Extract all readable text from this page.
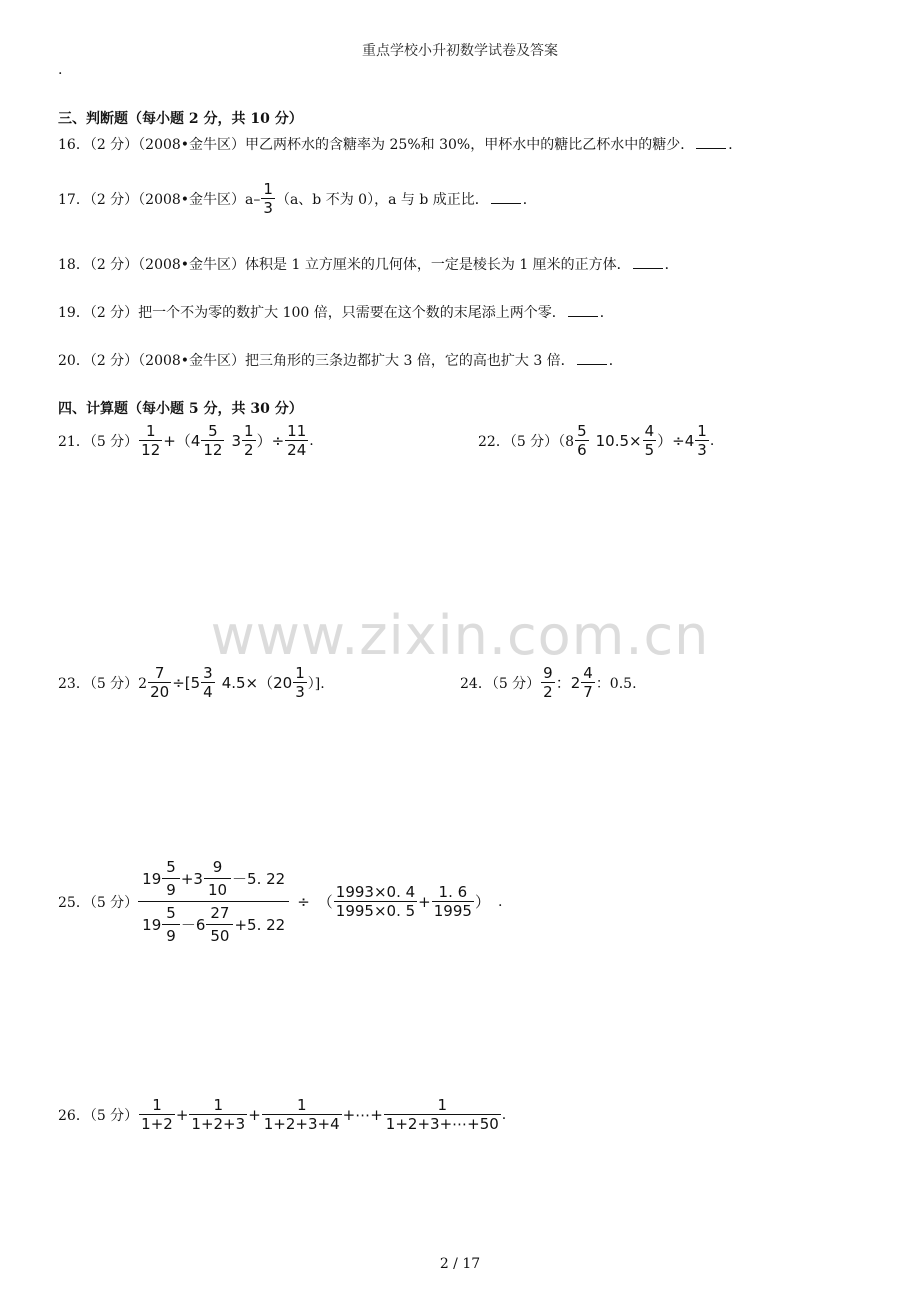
重点学校小升初数学试卷及答案
.
www.zixin.com.cn
三、判断题（每小题 2 分，共 10 分）
16．（2 分）（2008•金牛区）甲乙两杯水的含糖率为 25%和 30%，甲杯水中的糖比乙杯水中的糖少． ．
17．（2 分）（2008•金牛区）$a- \frac{1}{3} (a$、b 不为 0），a 与 b 成正比． ．
18．（2 分）（2008•金牛区）体积是 1 立方厘米的几何体，一定是棱长为 1 厘米的正方体． ．
19．（2 分）把一个不为零的数扩大 100 倍，只需要在这个数的末尾添上两个零． ．
20．（2 分）（2008•金牛区）把三角形的三条边都扩大 3 倍，它的高也扩大 3 倍． ．
四、计算题（每小题 5 分，共 30 分）
21．（5 分） $\frac{1}{12} +(4 \frac{5}{12} 3 \frac{1}{2}$ ）÷ $\frac{11}{24}$ .	22．（5 分）$(8 \frac{5}{6} 10.5\times \frac{4}{5} )\div 4 \frac{1}{3}$ .
23．（5 分）$2 \frac{7}{20} \div[5 \frac{3}{4} 4.5\times(20 \frac{1}{3}$ ）].	24．（5 分） $\frac{9}{2}$ ：$2 \frac{4}{7}$ ：0.5.
25．（5 分） $\frac{19 \frac{5}{9} +3 \frac{9}{10} -5. 22}{19 \frac{5}{9} -6 \frac{27}{50} +5. 22}$ ÷ （ $\frac{1993\times 0. 4}{1995\times 0. 5} + \frac{1. 6}{1995}$ ） .
26．（5 分） $\frac{1}{1+2} + \frac{1}{1+2+3} + \frac{1}{1+2+3+4}$ +⋯+ $\frac{1}{1+2+3+\cdots+50}$ .
2 / 17
